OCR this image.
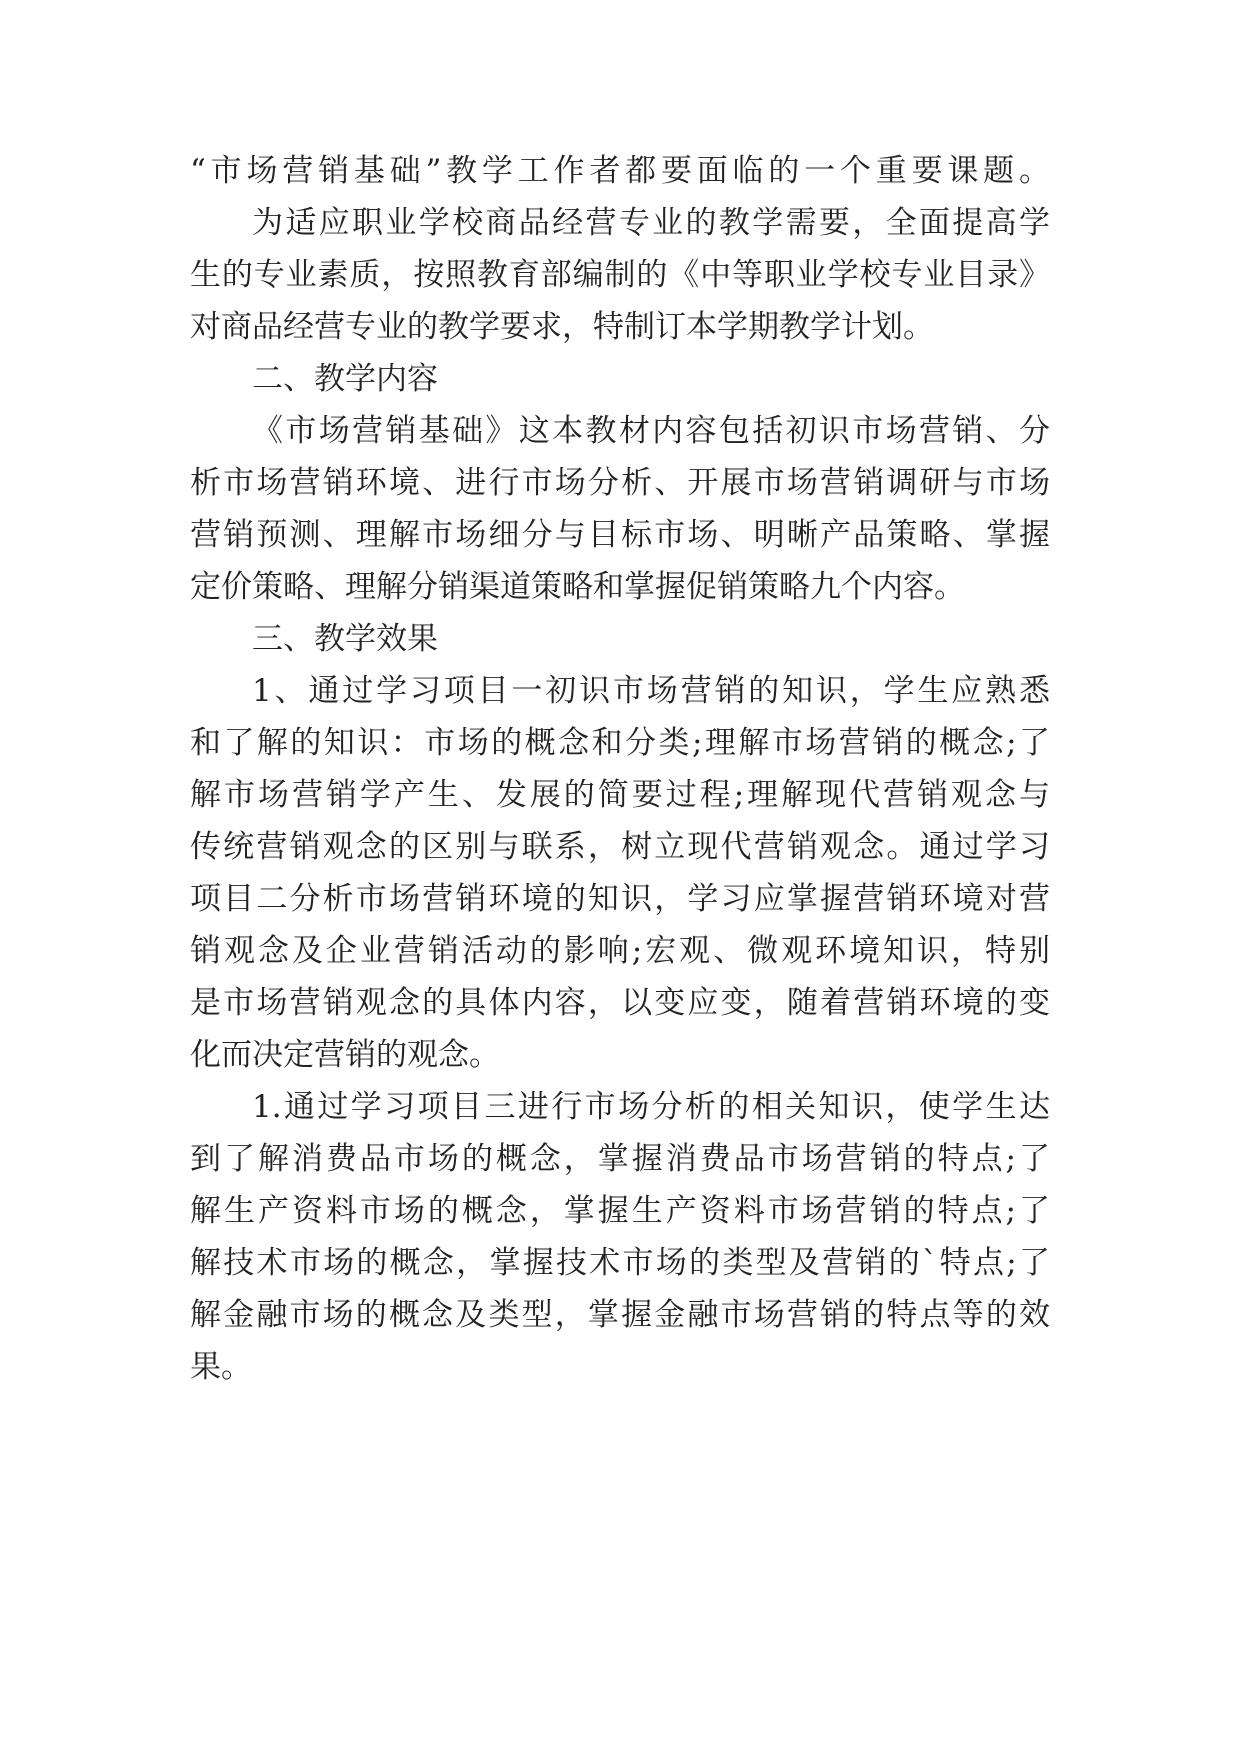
“市场营销基础”教学工作者都要面临的一个重要课题。
为适应职业学校商品经营专业的教学需要，全面提高学
生的专业素质，按照教育部编制的《中等职业学校专业目录》
对商品经营专业的教学要求，特制订本学期教学计划。
二、教学内容
《市场营销基础》这本教材内容包括初识市场营销、分
析市场营销环境、进行市场分析、开展市场营销调研与市场
营销预测、理解市场细分与目标市场、明晰产品策略、掌握
定价策略、理解分销渠道策略和掌握促销策略九个内容。
三、教学效果
1、通过学习项目一初识市场营销的知识，学生应熟悉
和了解的知识：市场的概念和分类;理解市场营销的概念;了
解市场营销学产生、发展的简要过程;理解现代营销观念与
传统营销观念的区别与联系，树立现代营销观念。通过学习
项目二分析市场营销环境的知识，学习应掌握营销环境对营
销观念及企业营销活动的影响;宏观、微观环境知识，特别
是市场营销观念的具体内容，以变应变，随着营销环境的变
化而决定营销的观念。
1.通过学习项目三进行市场分析的相关知识，使学生达
到了解消费品市场的概念，掌握消费品市场营销的特点;了
解生产资料市场的概念，掌握生产资料市场营销的特点;了
解技术市场的概念，掌握技术市场的类型及营销的`特点;了
解金融市场的概念及类型，掌握金融市场营销的特点等的效
果。
